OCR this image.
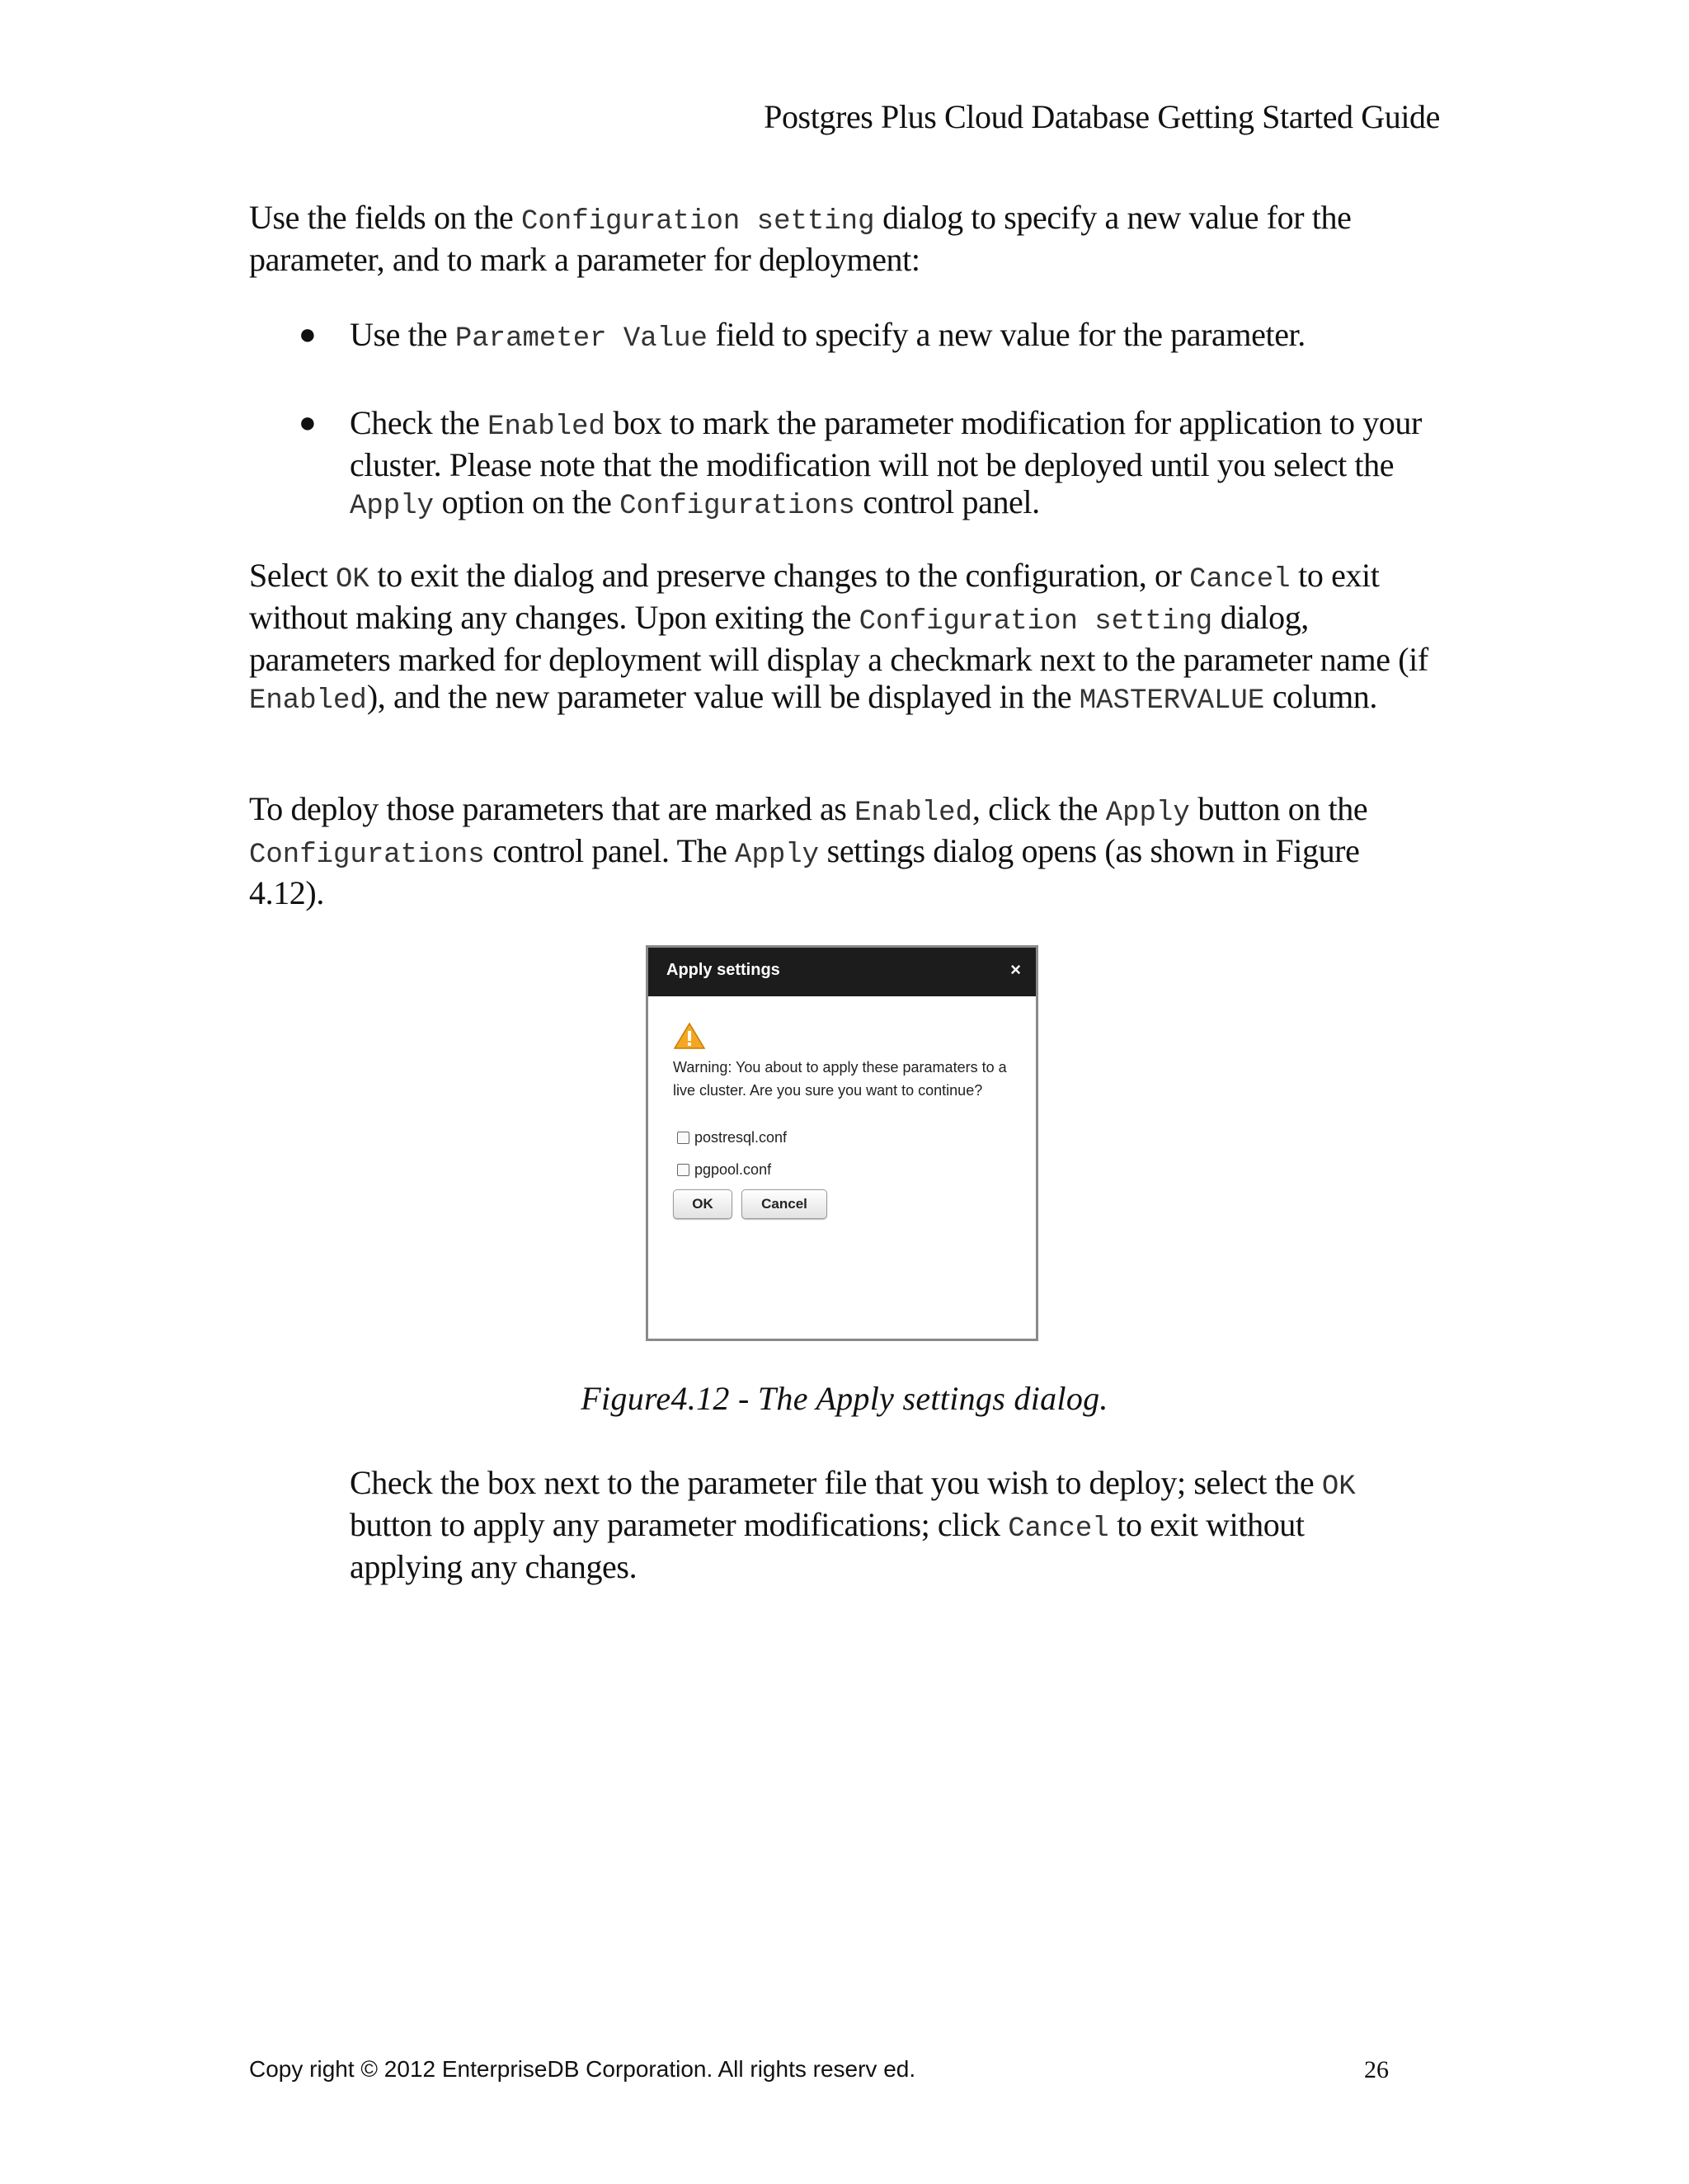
Postgres Plus Cloud Database Getting Started Guide

Use the fields on the Configuration setting dialog to specify a new value for the parameter, and to mark a parameter for deployment:

● Use the Parameter Value field to specify a new value for the parameter.
● Check the Enabled box to mark the parameter modification for application to your cluster. Please note that the modification will not be deployed until you select the Apply option on the Configurations control panel.

Select OK to exit the dialog and preserve changes to the configuration, or Cancel to exit without making any changes. Upon exiting the Configuration setting dialog, parameters marked for deployment will display a checkmark next to the parameter name (if Enabled), and the new parameter value will be displayed in the MASTERVALUE column.

To deploy those parameters that are marked as Enabled, click the Apply button on the Configurations control panel. The Apply settings dialog opens (as shown in Figure 4.12).

Apply settings	×

Warning: You about to apply these paramaters to a live cluster. Are you sure you want to continue?

postresql.conf
pgpool.conf
OK	Cancel
Figure4.12 - The Apply settings dialog.

Check the box next to the parameter file that you wish to deploy; select the OK button to apply any parameter modifications; click Cancel to exit without applying any changes.

Copy right © 2012 EnterpriseDB Corporation. All rights reserv ed.	26
